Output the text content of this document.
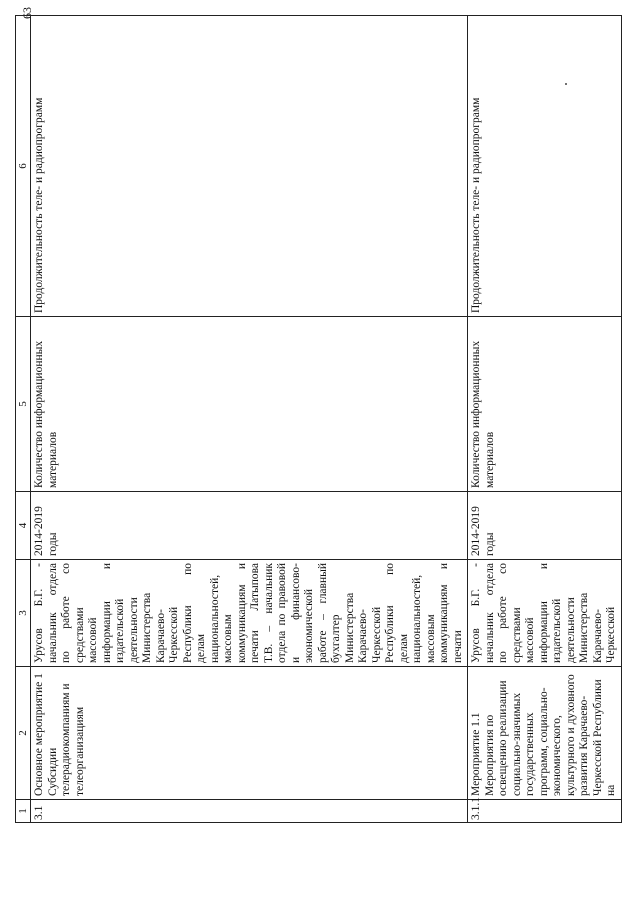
63
1	2	3	4	5	6
3.1	Основное мероприятие 1 Субсидии телерадиокомпаниям и телеорганизациям	Урусов Б.Г. - начальник отдела по работе со средствами массовой информации и издательской деятельности Министерства Карачаево-Черкесской Республики по делам национальностей, массовым коммуникациям и печати Латыпова Т.В. – начальник отдела по правовой и финансово-экономической работе – главный бухгалтер Министерства Карачаево-Черкесской Республики по делам национальностей, массовым коммуникациям и печати	2014-2019 годы	Количество информационных материалов	Продолжительность теле- и радиопрограмм
3.1.1	Мероприятие 1.1 Мероприятия по освещению реализации социально-значимых государственных программ, социально-экономического, культурного и духовного развития Карачаево-Черкесской Республики на	Урусов Б.Г. - начальник отдела по работе со средствами массовой информации и издательской деятельности Министерства Карачаево-Черкесской	2014-2019 годы	Количество информационных материалов	Продолжительность теле- и радиопрограмм
